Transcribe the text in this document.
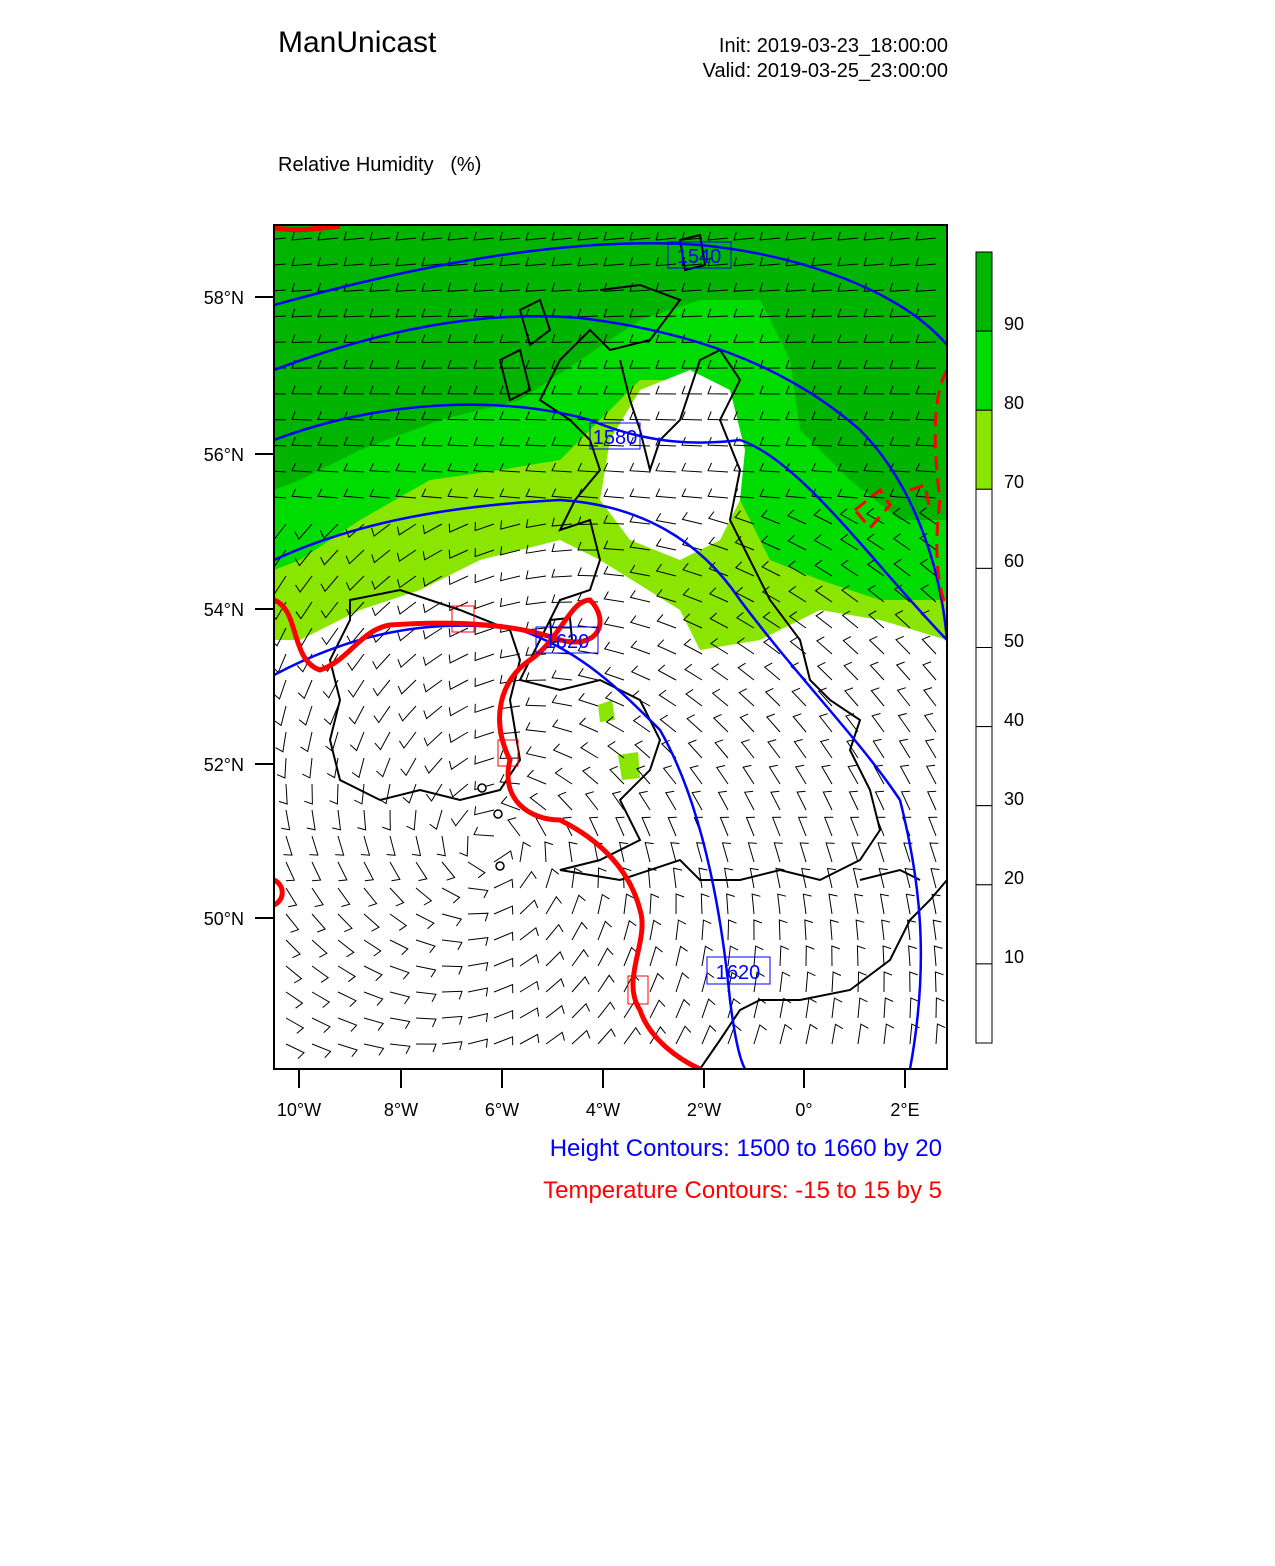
ManUnicast	Init: 2019-03-23_18:00:00
Valid: 2019-03-25_23:00:00

Relative Humidity   (%)

1540
1580
1620
1620
58°N
56°N
54°N
52°N
50°N
10°W	8°W	6°W	4°W	2°W	0°	2°E
90
80
70
60
50
40
30
20
10
Height Contours: 1500 to 1660 by 20
Temperature Contours: -15 to 15 by 5
